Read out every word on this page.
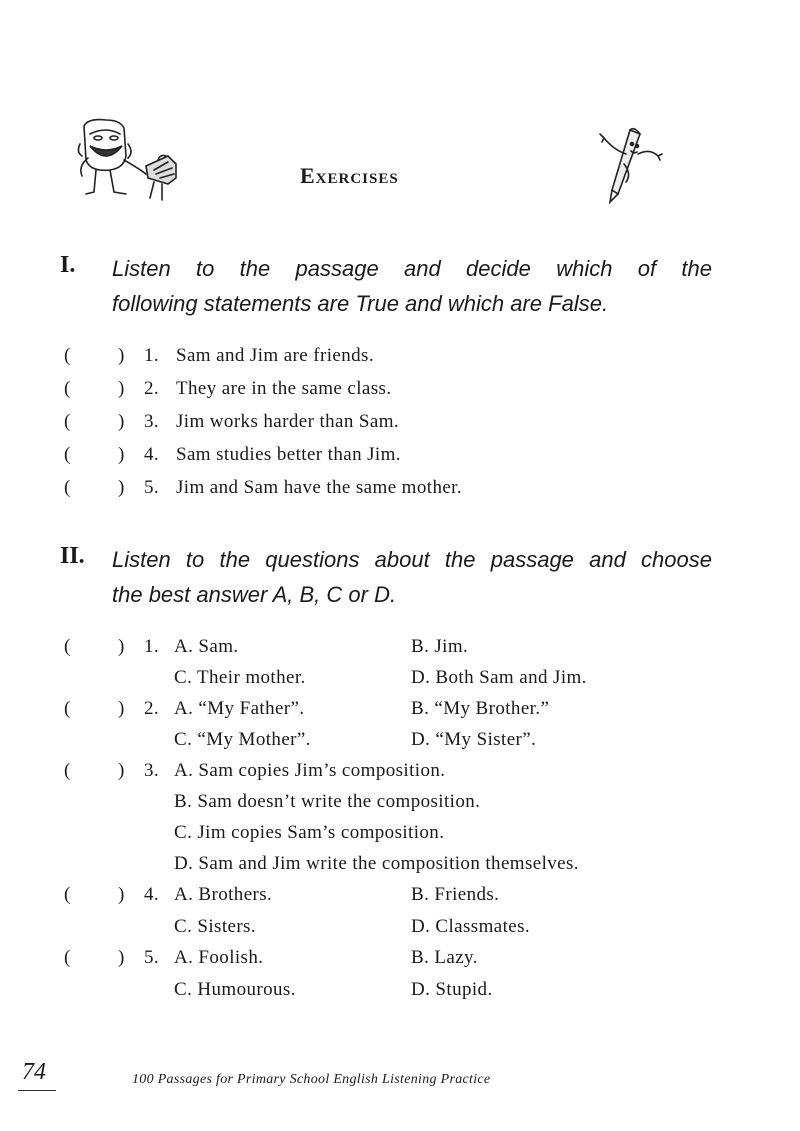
Exercises
I. Listen to the passage and decide which of the
following statements are True and which are False.
( ) 1. Sam and Jim are friends.
( ) 2. They are in the same class.
( ) 3. Jim works harder than Sam.
( ) 4. Sam studies better than Jim.
( ) 5. Jim and Sam have the same mother.
II. Listen to the questions about the passage and choose
the best answer A, B, C or D.
( ) 1. A. Sam.	B. Jim.
C. Their mother.	D. Both Sam and Jim.
( ) 2. A. “My Father”.	B. “My Brother.”
C. “My Mother”.	D. “My Sister”.
( ) 3. A. Sam copies Jim’s composition.
B. Sam doesn’t write the composition.
C. Jim copies Sam’s composition.
D. Sam and Jim write the composition themselves.
( ) 4. A. Brothers.	B. Friends.
C. Sisters.	D. Classmates.
( ) 5. A. Foolish.	B. Lazy.
C. Humourous.	D. Stupid.
74	100 Passages for Primary School English Listening Practice
